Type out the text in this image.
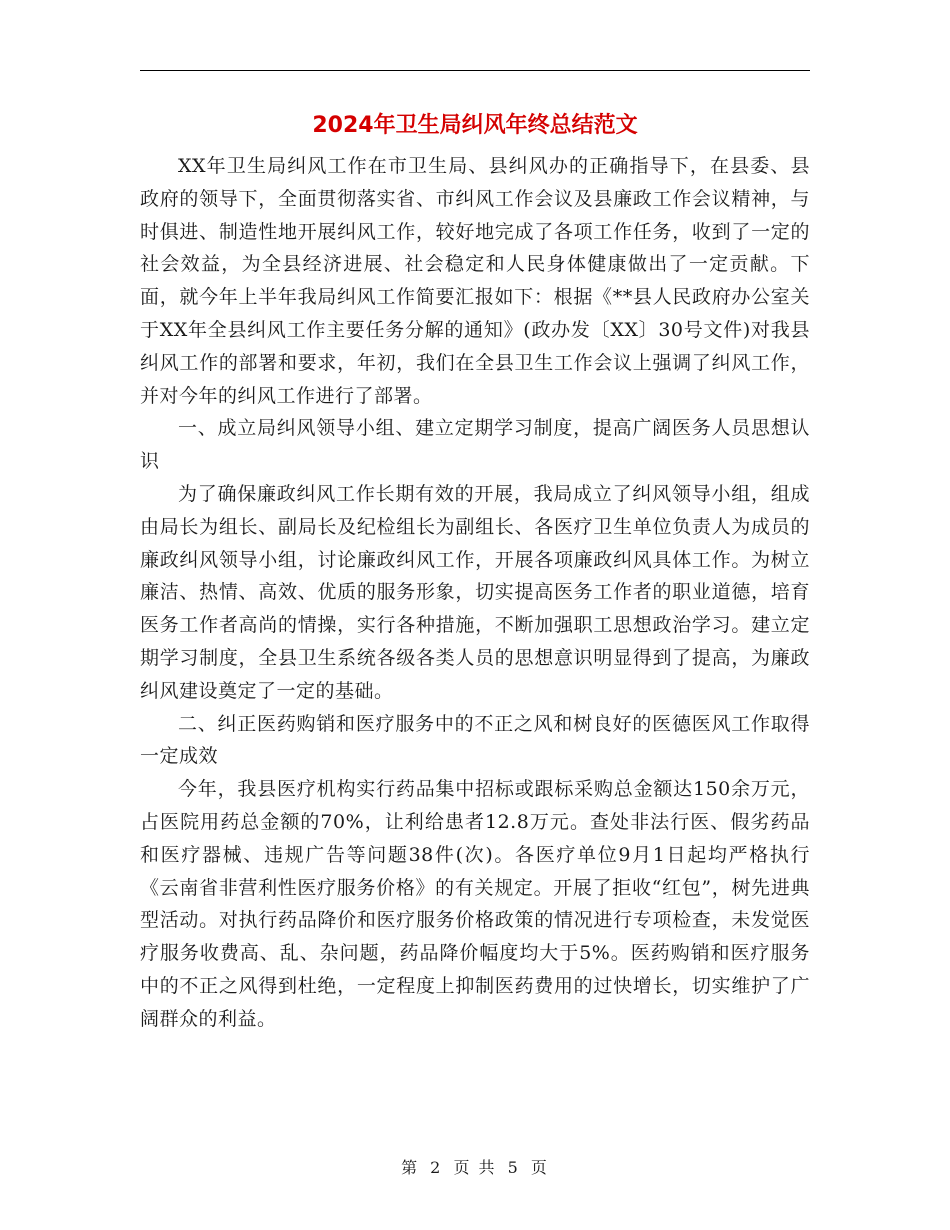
2024年卫生局纠风年终总结范文

XX年卫生局纠风工作在市卫生局、县纠风办的正确指导下，在县委、县政府的领导下，全面贯彻落实省、市纠风工作会议及县廉政工作会议精神，与时俱进、制造性地开展纠风工作，较好地完成了各项工作任务，收到了一定的社会效益，为全县经济进展、社会稳定和人民身体健康做出了一定贡献。下面，就今年上半年我局纠风工作简要汇报如下：根据《**县人民政府办公室关于XX年全县纠风工作主要任务分解的通知》(政办发〔XX〕30号文件)对我县纠风工作的部署和要求，年初，我们在全县卫生工作会议上强调了纠风工作，并对今年的纠风工作进行了部署。

一、成立局纠风领导小组、建立定期学习制度，提高广阔医务人员思想认识

为了确保廉政纠风工作长期有效的开展，我局成立了纠风领导小组，组成由局长为组长、副局长及纪检组长为副组长、各医疗卫生单位负责人为成员的廉政纠风领导小组，讨论廉政纠风工作，开展各项廉政纠风具体工作。为树立廉洁、热情、高效、优质的服务形象，切实提高医务工作者的职业道德，培育医务工作者高尚的情操，实行各种措施，不断加强职工思想政治学习。建立定期学习制度，全县卫生系统各级各类人员的思想意识明显得到了提高，为廉政纠风建设奠定了一定的基础。

二、纠正医药购销和医疗服务中的不正之风和树良好的医德医风工作取得一定成效

今年，我县医疗机构实行药品集中招标或跟标采购总金额达150余万元，占医院用药总金额的70%，让利给患者12.8万元。查处非法行医、假劣药品和医疗器械、违规广告等问题38件(次)。各医疗单位9月1日起均严格执行《云南省非营利性医疗服务价格》的有关规定。开展了拒收“红包”，树先进典型活动。对执行药品降价和医疗服务价格政策的情况进行专项检查，未发觉医疗服务收费高、乱、杂问题，药品降价幅度均大于5%。医药购销和医疗服务中的不正之风得到杜绝，一定程度上抑制医药费用的过快增长，切实维护了广阔群众的利益。

第 2 页 共 5 页
